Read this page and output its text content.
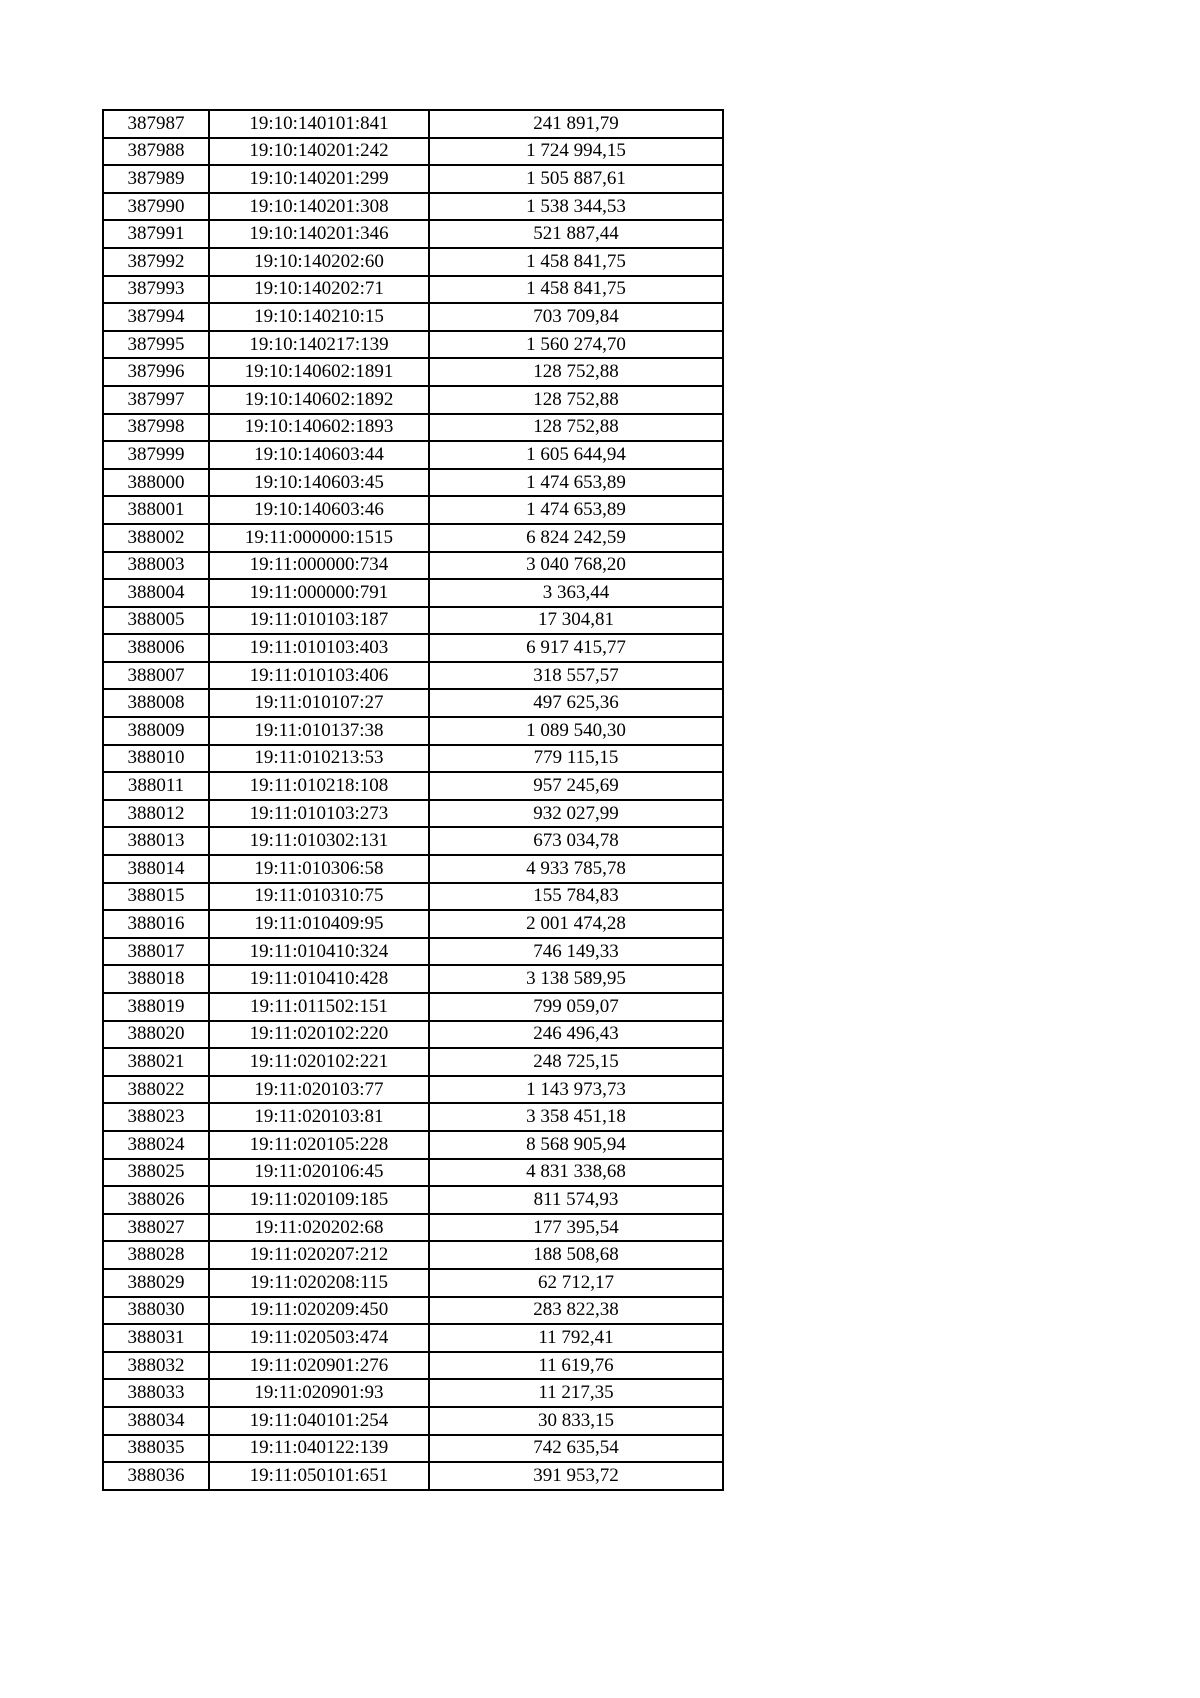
387987	19:10:140101:841	241 891,79
387988	19:10:140201:242	1 724 994,15
387989	19:10:140201:299	1 505 887,61
387990	19:10:140201:308	1 538 344,53
387991	19:10:140201:346	521 887,44
387992	19:10:140202:60	1 458 841,75
387993	19:10:140202:71	1 458 841,75
387994	19:10:140210:15	703 709,84
387995	19:10:140217:139	1 560 274,70
387996	19:10:140602:1891	128 752,88
387997	19:10:140602:1892	128 752,88
387998	19:10:140602:1893	128 752,88
387999	19:10:140603:44	1 605 644,94
388000	19:10:140603:45	1 474 653,89
388001	19:10:140603:46	1 474 653,89
388002	19:11:000000:1515	6 824 242,59
388003	19:11:000000:734	3 040 768,20
388004	19:11:000000:791	3 363,44
388005	19:11:010103:187	17 304,81
388006	19:11:010103:403	6 917 415,77
388007	19:11:010103:406	318 557,57
388008	19:11:010107:27	497 625,36
388009	19:11:010137:38	1 089 540,30
388010	19:11:010213:53	779 115,15
388011	19:11:010218:108	957 245,69
388012	19:11:010103:273	932 027,99
388013	19:11:010302:131	673 034,78
388014	19:11:010306:58	4 933 785,78
388015	19:11:010310:75	155 784,83
388016	19:11:010409:95	2 001 474,28
388017	19:11:010410:324	746 149,33
388018	19:11:010410:428	3 138 589,95
388019	19:11:011502:151	799 059,07
388020	19:11:020102:220	246 496,43
388021	19:11:020102:221	248 725,15
388022	19:11:020103:77	1 143 973,73
388023	19:11:020103:81	3 358 451,18
388024	19:11:020105:228	8 568 905,94
388025	19:11:020106:45	4 831 338,68
388026	19:11:020109:185	811 574,93
388027	19:11:020202:68	177 395,54
388028	19:11:020207:212	188 508,68
388029	19:11:020208:115	62 712,17
388030	19:11:020209:450	283 822,38
388031	19:11:020503:474	11 792,41
388032	19:11:020901:276	11 619,76
388033	19:11:020901:93	11 217,35
388034	19:11:040101:254	30 833,15
388035	19:11:040122:139	742 635,54
388036	19:11:050101:651	391 953,72
